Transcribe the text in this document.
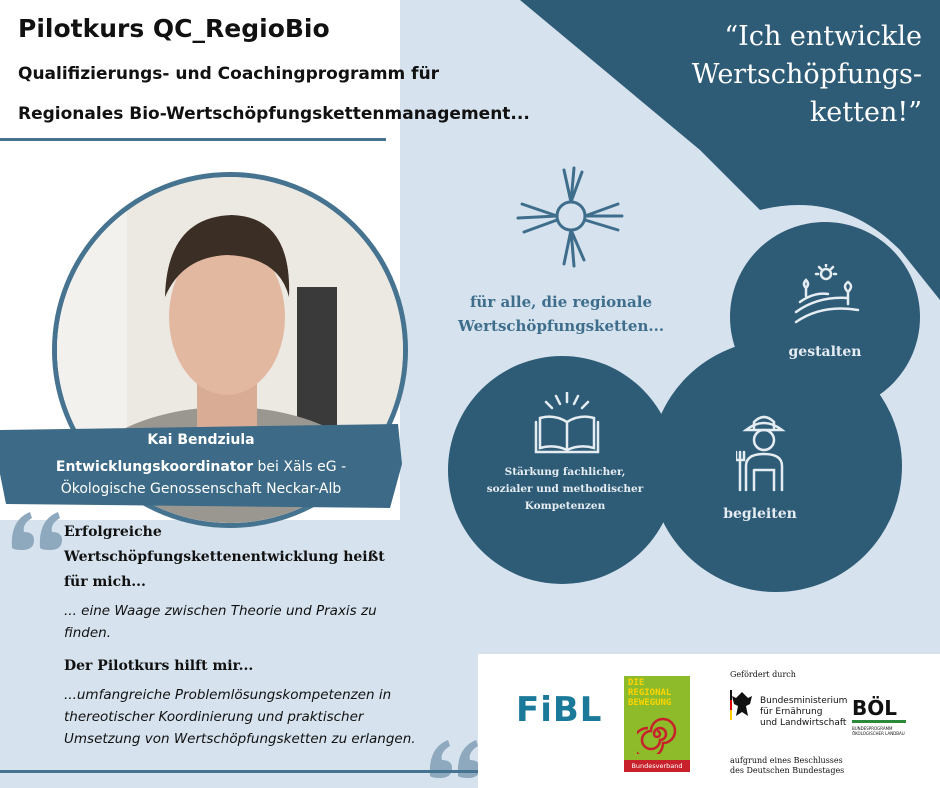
Pilotkurs QC_RegioBio
Qualifizierungs- und Coachingprogramm für
Regionales Bio-Wertschöpfungskettenmanagement...
“Ich entwickle
Wertschöpfungs-
ketten!”
Kai Bendziula
Entwicklungskoordinator bei Xäls eG -
Ökologische Genossenschaft Neckar-Alb
Erfolgreiche
Wertschöpfungskettenentwicklung heißt
für mich...
... eine Waage zwischen Theorie und Praxis zu
finden.
Der Pilotkurs hilft mir...
...umfangreiche Problemlösungskompetenzen in
thereotischer Koordinierung und praktischer
Umsetzung von Wertschöpfungsketten zu erlangen.
für alle, die regionale
Wertschöpfungsketten...
gestalten
Stärkung fachlicher,
sozialer und methodischer
Kompetenzen	begleiten
FiBL
DIE
REGIONAL
BEWEGUNG
Bundesverband
Gefördert durch
Bundesministerium
für Ernährung
und Landwirtschaft
aufgrund eines Beschlusses
des Deutschen Bundestages
BÖL
BUNDESPROGRAMM ÖKOLOGISCHER LANDBAU
